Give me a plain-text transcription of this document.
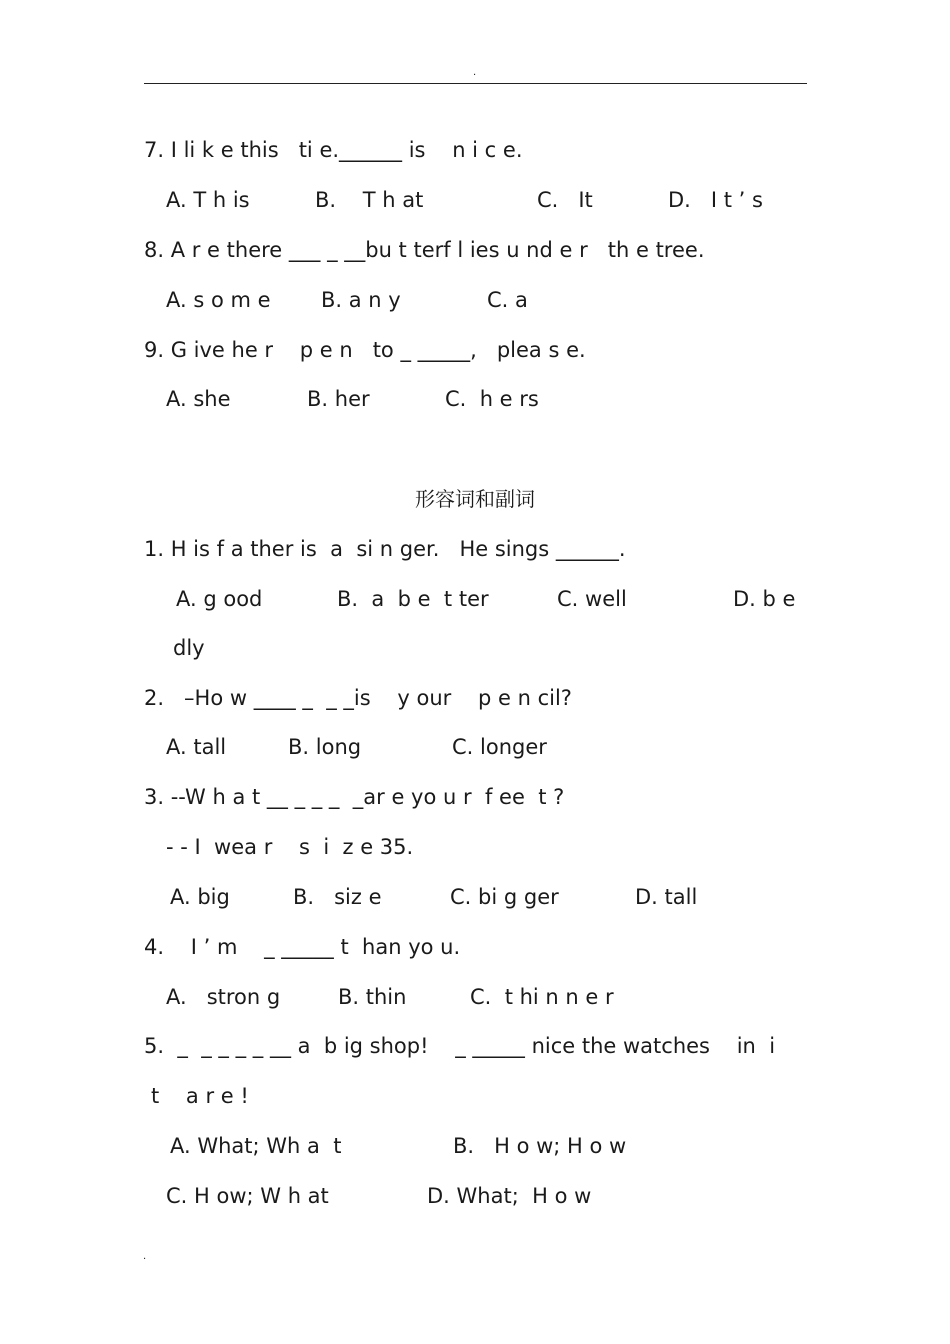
.
7. I li k e this   ti e.______ is    n i c e.
A. T h is	B.    T h at	C.   It	D.   I t ’ s
8. A r e there ___ _ __bu t terf l ies u nd e r   th e tree.
A. s o m e B. a n y	C. a
9. G ive he r    p e n   to _ _____,   plea s e.
A. she	B. her	C.  h e rs
形容词和副词
1. H is f a ther is  a  si n ger.   He sings ______.
A. g ood	B.  a  b e  t ter	C. well	D. b e
dly
2.   –Ho w ____ _  _ _is    y our    p e n cil?
A. tall	B. long	C. longer
3. --W h a t __ _ _ _  _ar e yo u r  f ee  t ?
- - I  wea r    s  i  z e 35.
A. big	B.   siz e	C. bi g ger	D. tall
4.    I ’ m    _ _____ t  han yo u.
A.   stron g	B. thin	C.  t hi n n e r
5.  _  _ _ _ _ __ a  b ig shop!    _ _____ nice the watches    in  i
t    a r e !
A. What; Wh a  t	B.   H o w; H o w
C. H ow; W h at	D. What;  H o w
.
